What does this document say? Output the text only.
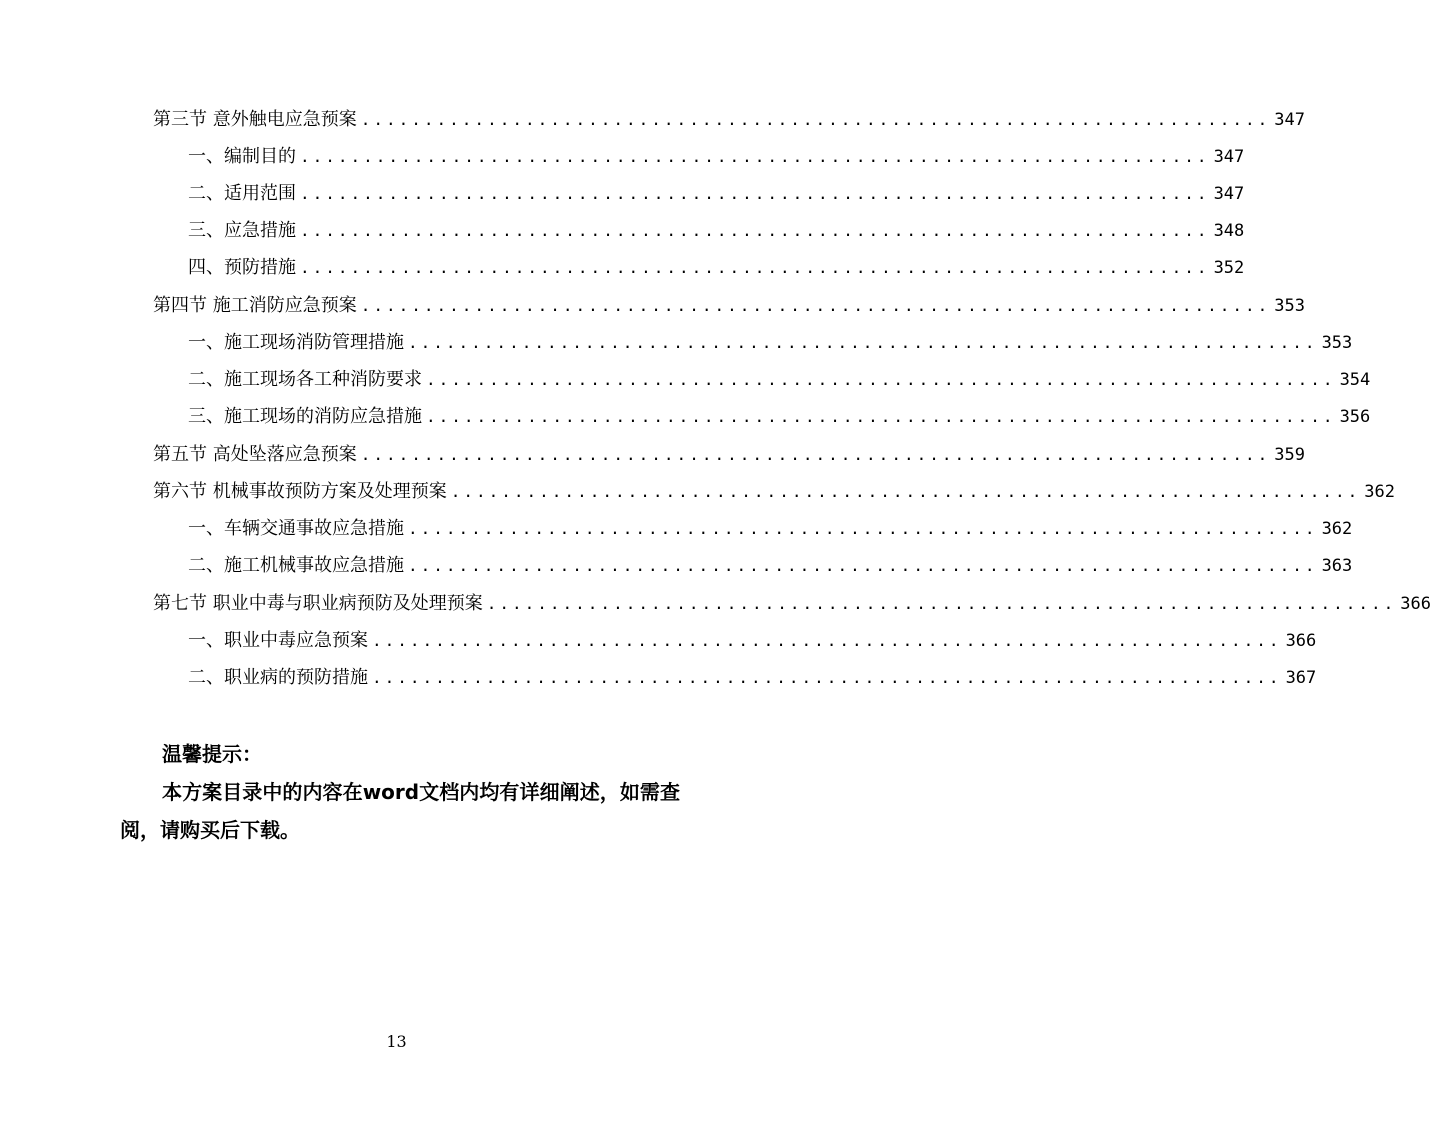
第三节 意外触电应急预案 ........................................................................ 347
一、编制目的 ........................................................................ 347
二、适用范围 ........................................................................ 347
三、应急措施 ........................................................................ 348
四、预防措施 ........................................................................ 352
第四节 施工消防应急预案 ........................................................................ 353
一、施工现场消防管理措施 ........................................................................ 353
二、施工现场各工种消防要求 ........................................................................ 354
三、施工现场的消防应急措施 ........................................................................ 356
第五节 高处坠落应急预案 ........................................................................ 359
第六节 机械事故预防方案及处理预案 ........................................................................ 362
一、车辆交通事故应急措施 ........................................................................ 362
二、施工机械事故应急措施 ........................................................................ 363
第七节 职业中毒与职业病预防及处理预案 ........................................................................ 366
一、职业中毒应急预案 ........................................................................ 366
二、职业病的预防措施 ........................................................................ 367
温馨提示：
本方案目录中的内容在word文档内均有详细阐述，如需查阅，请购买后下载。
13
